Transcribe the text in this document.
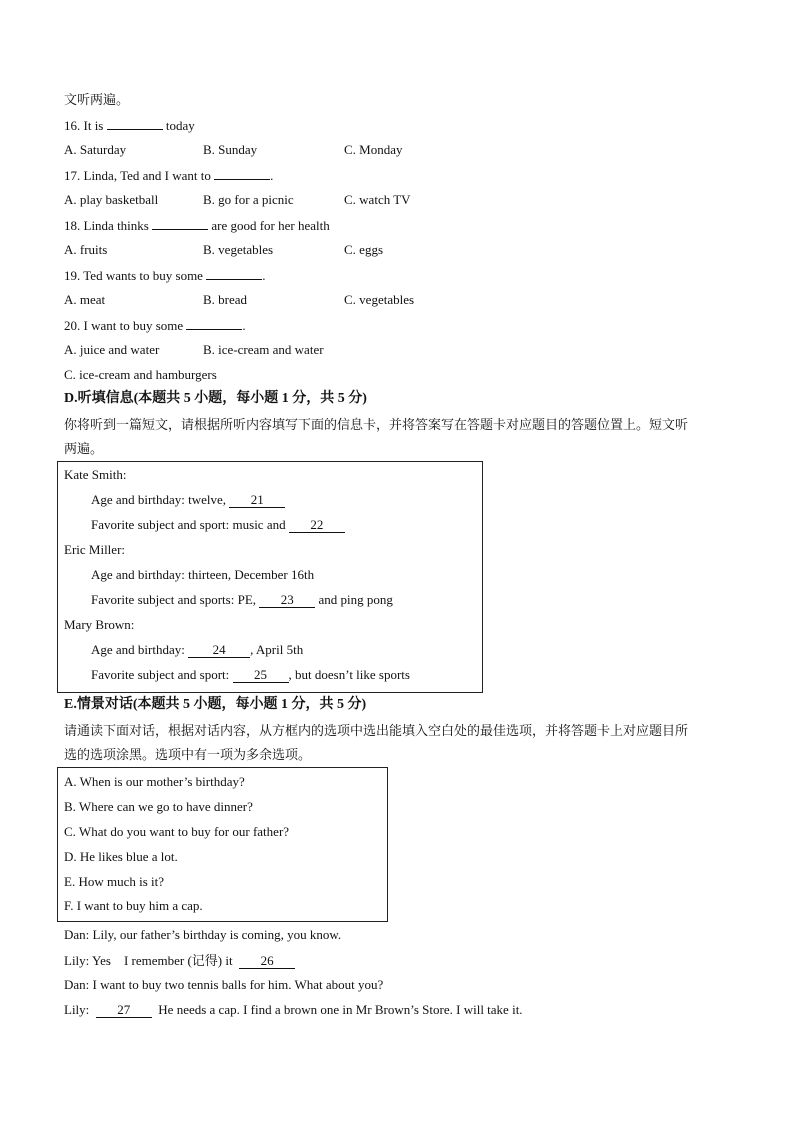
文听两遍。
16. It is	today
A. Saturday	B. Sunday	C. Monday
17. Linda, Ted and I want to	.
A. play basketball	B. go for a picnic	C. watch TV
18. Linda thinks	are good for her health
A. fruits	B. vegetables	C. eggs
19. Ted wants to buy some	.
A. meat	B. bread	C. vegetables
20. I want to buy some	.
A. juice and water	B. ice-cream and water
C. ice-cream and hamburgers
D.听填信息(本题共 5 小题，每小题 1 分，共 5 分)
你将听到一篇短文，请根据所听内容填写下面的信息卡，并将答案写在答题卡对应题目的答题位置上。短文听
两遍。
Kate Smith:
Age and birthday: twelve, 21
Favorite subject and sport: music and 22
Eric Miller:
Age and birthday: thirteen, December 16th
Favorite subject and sports: PE, 23 and ping pong
Mary Brown:
Age and birthday: 24 , April 5th
Favorite subject and sport: 25 , but doesn’t like sports
E.情景对话(本题共 5 小题，每小题 1 分，共 5 分)
请通读下面对话，根据对话内容，从方框内的选项中选出能填入空白处的最佳选项，并将答题卡上对应题目所
选的选项涂黑。选项中有一项为多余选项。
A. When is our mother’s birthday?
B. Where can we go to have dinner?
C. What do you want to buy for our father?
D. He likes blue a lot.
E. How much is it?
F. I want to buy him a cap.
Dan: Lily, our father’s birthday is coming, you know.
Lily: Yes    I remember (记得) it  26
Dan: I want to buy two tennis balls for him. What about you?
Lily:  27  He needs a cap. I find a brown one in Mr Brown’s Store. I will take it.
